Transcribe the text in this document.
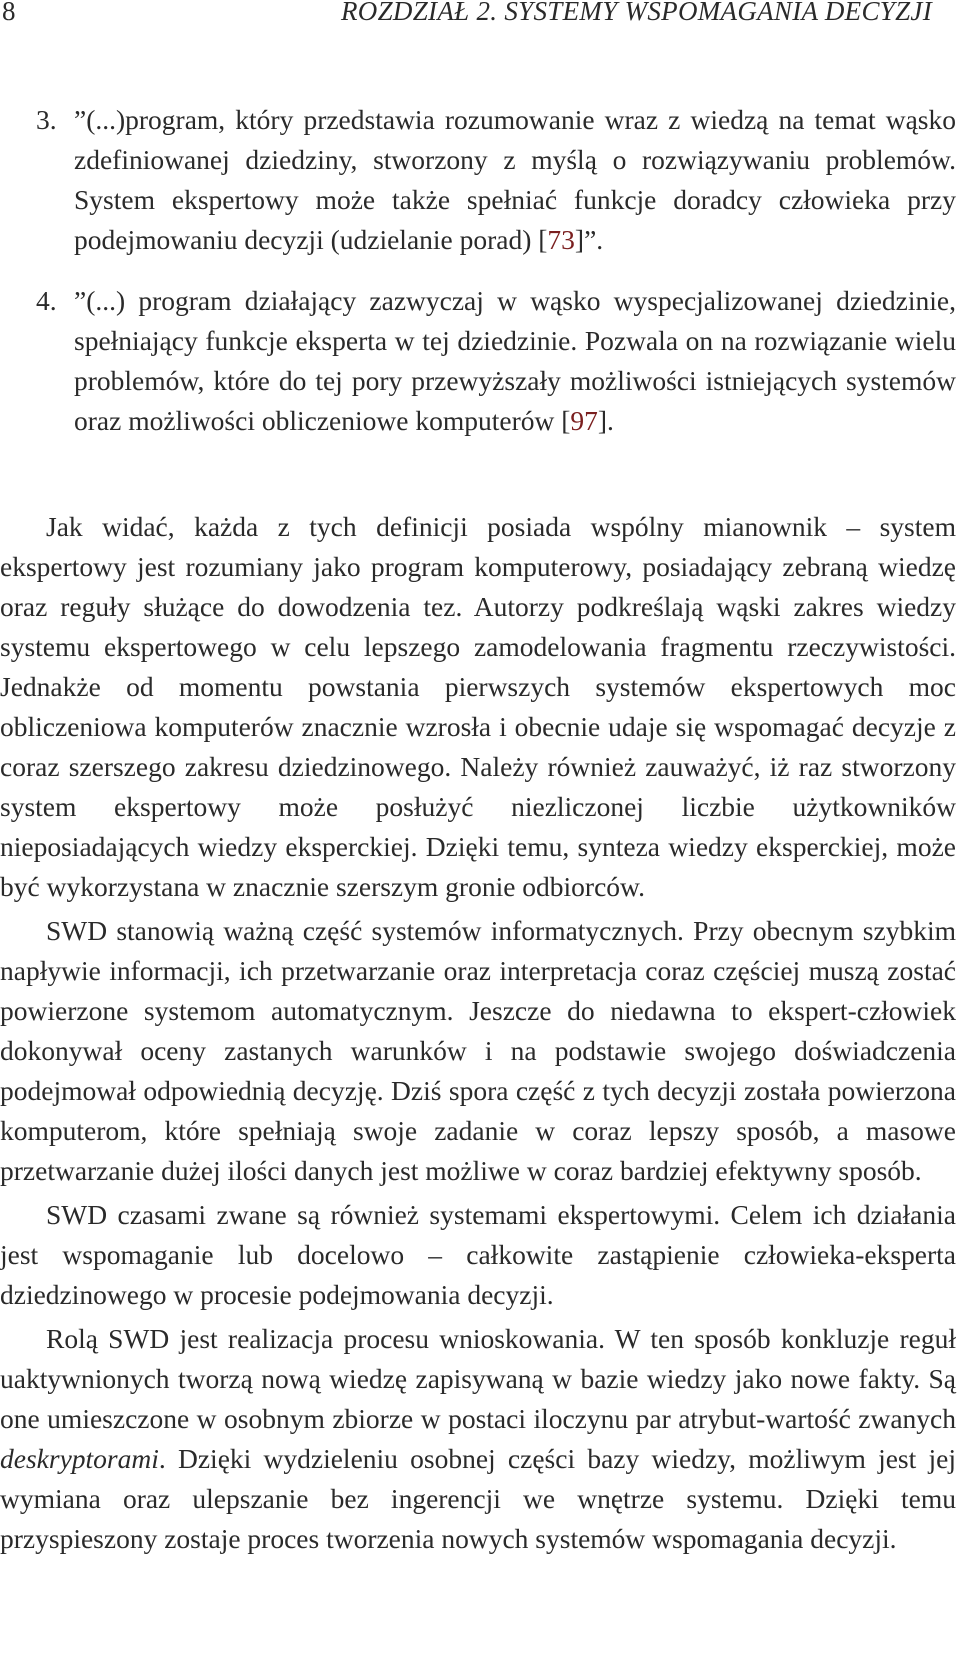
8	ROZDZIAŁ 2. SYSTEMY WSPOMAGANIA DECYZJI
3. ”(...)program, który przedstawia rozumowanie wraz z wiedzą na temat wąsko zdefiniowanej dziedziny, stworzony z myślą o rozwiązywaniu problemów. System ekspertowy może także spełniać funkcje doradcy człowieka przy podejmowaniu decyzji (udzielanie porad) [73]”.
4. ”(...) program działający zazwyczaj w wąsko wyspecjalizowanej dziedzinie, spełniający funkcje eksperta w tej dziedzinie. Pozwala on na rozwiązanie wielu problemów, które do tej pory przewyższały możliwości istniejących systemów oraz możliwości obliczeniowe komputerów [97].

Jak widać, każda z tych definicji posiada wspólny mianownik – system ekspertowy jest rozumiany jako program komputerowy, posiadający zebraną wiedzę oraz reguły służące do dowodzenia tez. Autorzy podkreślają wąski zakres wiedzy systemu ekspertowego w celu lepszego zamodelowania fragmentu rzeczywistości. Jednakże od momentu powstania pierwszych systemów ekspertowych moc obliczeniowa komputerów znacznie wzrosła i obecnie udaje się wspomagać decyzje z coraz szerszego zakresu dziedzinowego. Należy również zauważyć, iż raz stworzony system ekspertowy może posłużyć niezliczonej liczbie użytkowników nieposiadających wiedzy eksperckiej. Dzięki temu, synteza wiedzy eksperckiej, może być wykorzystana w znacznie szerszym gronie odbiorców.

SWD stanowią ważną część systemów informatycznych. Przy obecnym szybkim napływie informacji, ich przetwarzanie oraz interpretacja coraz częściej muszą zostać powierzone systemom automatycznym. Jeszcze do niedawna to ekspert-człowiek dokonywał oceny zastanych warunków i na podstawie swojego doświadczenia podejmował odpowiednią decyzję. Dziś spora część z tych decyzji została powierzona komputerom, które spełniają swoje zadanie w coraz lepszy sposób, a masowe przetwarzanie dużej ilości danych jest możliwe w coraz bardziej efektywny sposób.

SWD czasami zwane są również systemami ekspertowymi. Celem ich działania jest wspomaganie lub docelowo – całkowite zastąpienie człowieka-eksperta dziedzinowego w procesie podejmowania decyzji.

Rolą SWD jest realizacja procesu wnioskowania. W ten sposób konkluzje reguł uaktywnionych tworzą nową wiedzę zapisywaną w bazie wiedzy jako nowe fakty. Są one umieszczone w osobnym zbiorze w postaci iloczynu par atrybut-wartość zwanych deskryptorami. Dzięki wydzieleniu osobnej części bazy wiedzy, możliwym jest jej wymiana oraz ulepszanie bez ingerencji we wnętrze systemu. Dzięki temu przyspieszony zostaje proces tworzenia nowych systemów wspomagania decyzji.
